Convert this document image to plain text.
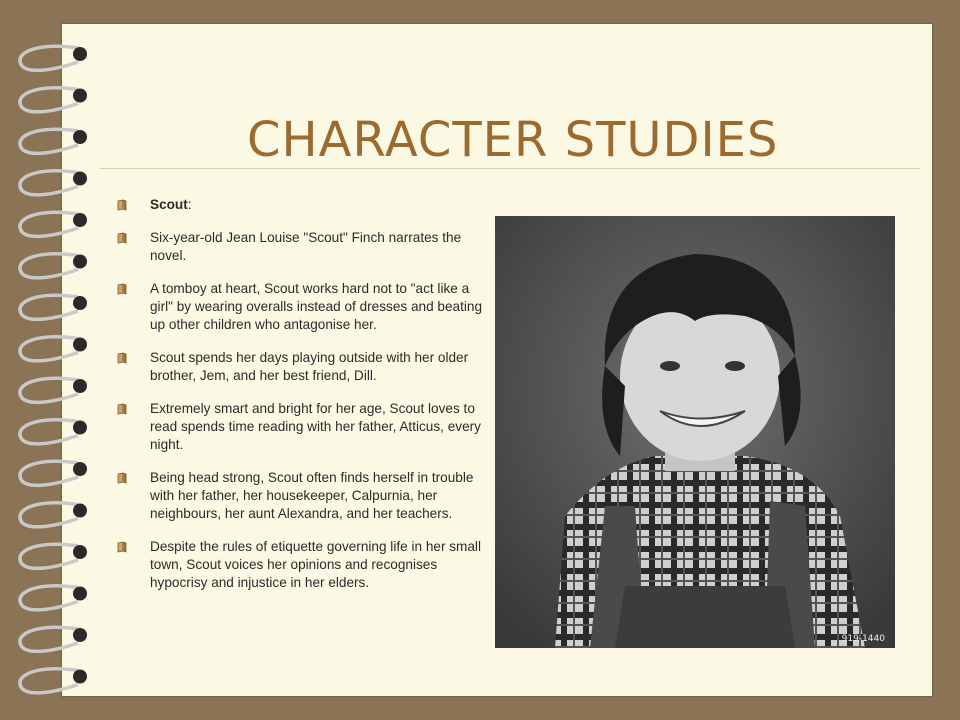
CHARACTER STUDIES
Scout:
Six-year-old Jean Louise "Scout" Finch narrates the novel.
A tomboy at heart, Scout works hard not to "act like a girl" by wearing overalls instead of dresses and beating up other children who antagonise her.
Scout spends her days playing outside with her older brother, Jem, and her best friend, Dill.
Extremely smart and bright for her age, Scout loves to read spends time reading with her father, Atticus, every night.
Being head strong, Scout often finds herself in trouble with her father, her housekeeper, Calpurnia, her neighbours, her aunt Alexandra, and her teachers.
Despite the rules of etiquette governing life in her small town, Scout voices her opinions and recognises hypocrisy and injustice in her elders.
919-1440
